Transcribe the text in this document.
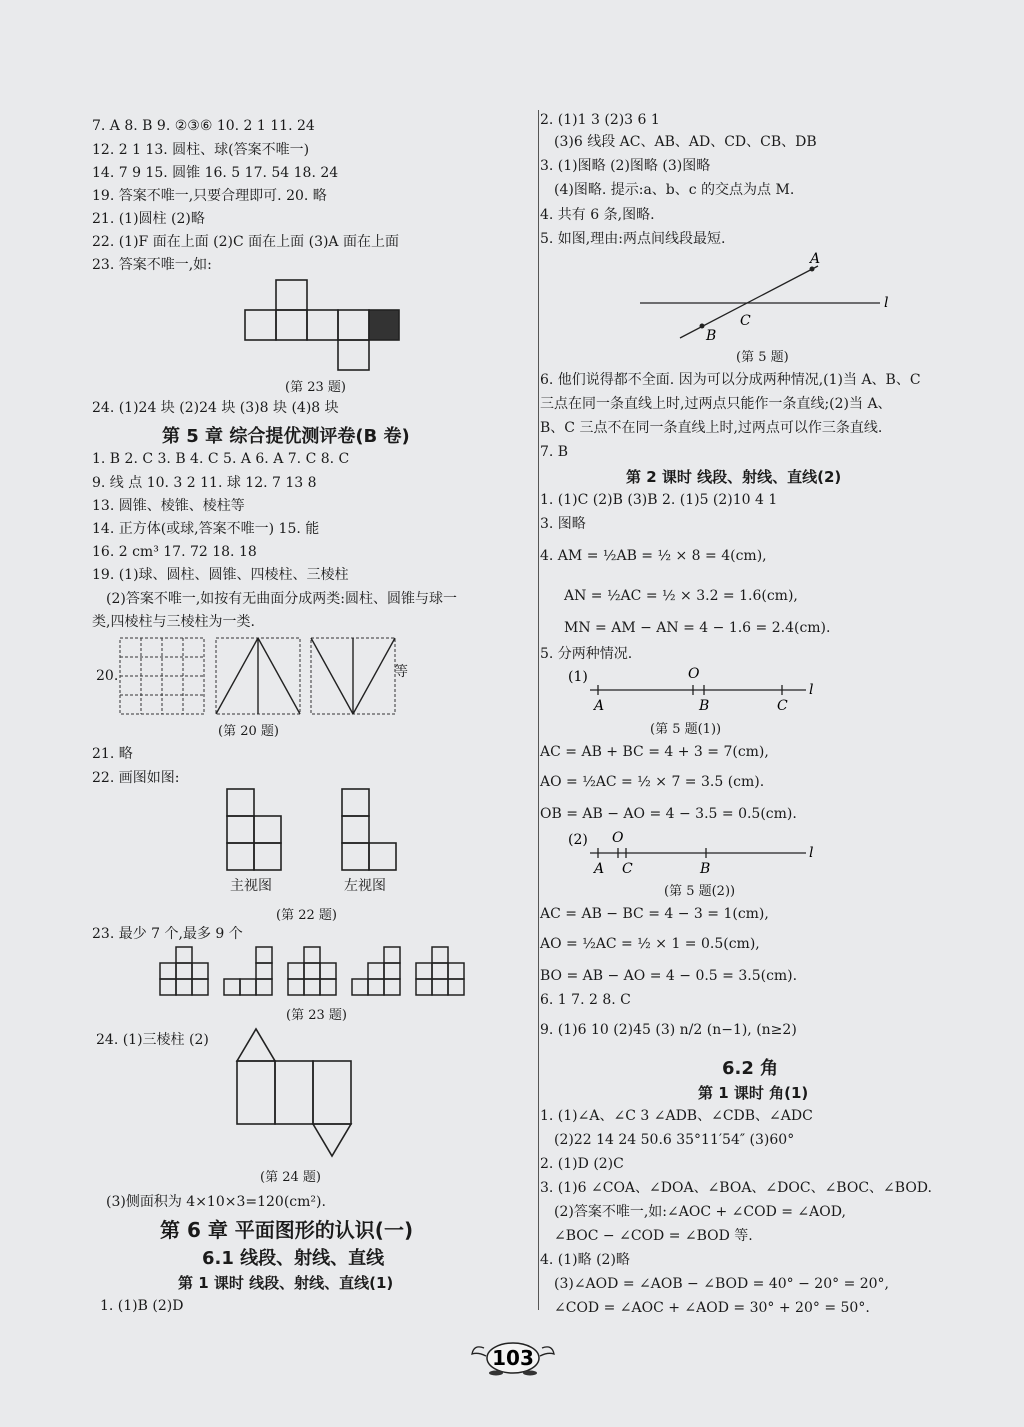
7. A 8. B 9. ②③⑥ 10. 2 1 11. 24
12. 2 1 13. 圆柱、球(答案不唯一)
14. 7 9 15. 圆锥 16. 5 17. 54 18. 24
19. 答案不唯一,只要合理即可. 20. 略
21. (1)圆柱 (2)略
22. (1)F 面在上面 (2)C 面在上面 (3)A 面在上面
23. 答案不唯一,如:
(第 23 题)
24. (1)24 块 (2)24 块 (3)8 块 (4)8 块
第 5 章 综合提优测评卷(B 卷)
1. B 2. C 3. B 4. C 5. A 6. A 7. C 8. C
9. 线 点 10. 3 2 11. 球 12. 7 13 8
13. 圆锥、棱锥、棱柱等
14. 正方体(或球,答案不唯一) 15. 能
16. 2 cm³ 17. 72 18. 18
19. (1)球、圆柱、圆锥、四棱柱、三棱柱
(2)答案不唯一,如按有无曲面分成两类:圆柱、圆锥与球一
类,四棱柱与三棱柱为一类.
20.	等
(第 20 题)
21. 略
22. 画图如图:
主视图	左视图
(第 22 题)
23. 最少 7 个,最多 9 个
(第 23 题)
24. (1)三棱柱 (2)
(第 24 题)
(3)侧面积为 4×10×3=120(cm²).
第 6 章 平面图形的认识(一)
6.1 线段、射线、直线
第 1 课时 线段、射线、直线(1)
1. (1)B (2)D
2. (1)1 3 (2)3 6 1
(3)6 线段 AC、AB、AD、CD、CB、DB
3. (1)图略 (2)图略 (3)图略
(4)图略. 提示:a、b、c 的交点为点 M.
4. 共有 6 条,图略.
5. 如图,理由:两点间线段最短.
A
B
C
l
(第 5 题)
6. 他们说得都不全面. 因为可以分成两种情况,(1)当 A、B、C
三点在同一条直线上时,过两点只能作一条直线;(2)当 A、
B、C 三点不在同一条直线上时,过两点可以作三条直线.
7. B
第 2 课时 线段、射线、直线(2)
1. (1)C (2)B (3)B 2. (1)5 (2)10 4 1
3. 图略
4. AM = ½AB = ½ × 8 = 4(cm),
AN = ½AC = ½ × 3.2 = 1.6(cm),
MN = AM − AN = 4 − 1.6 = 2.4(cm).
5. 分两种情况.
(1)	O
A	B	C
l
(第 5 题(1))
AC = AB + BC = 4 + 3 = 7(cm),
AO = ½AC = ½ × 7 = 3.5 (cm).
OB = AB − AO = 4 − 3.5 = 0.5(cm).
(2) O
A C	B
l
(第 5 题(2))
AC = AB − BC = 4 − 3 = 1(cm),
AO = ½AC = ½ × 1 = 0.5(cm),
BO = AB − AO = 4 − 0.5 = 3.5(cm).
6. 1 7. 2 8. C
9. (1)6 10 (2)45 (3) n/2 (n−1), (n≥2)
6.2 角
第 1 课时 角(1)
1. (1)∠A、∠C 3 ∠ADB、∠CDB、∠ADC
(2)22 14 24 50.6 35°11′54″ (3)60°
2. (1)D (2)C
3. (1)6 ∠COA、∠DOA、∠BOA、∠DOC、∠BOC、∠BOD.
(2)答案不唯一,如:∠AOC + ∠COD = ∠AOD,
∠BOC − ∠COD = ∠BOD 等.
4. (1)略 (2)略
(3)∠AOD = ∠AOB − ∠BOD = 40° − 20° = 20°,
∠COD = ∠AOC + ∠AOD = 30° + 20° = 50°.
103
